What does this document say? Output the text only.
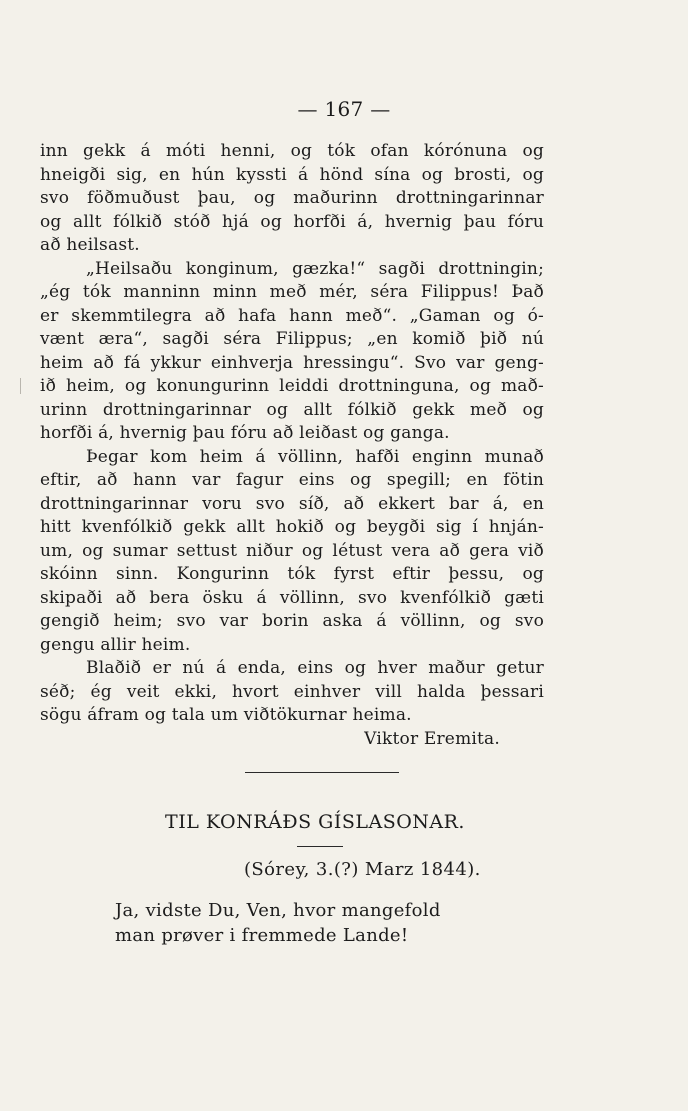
— 167 —
inn gekk á móti henni, og tók ofan kórónuna og
hneigði sig, en hún kyssti á hönd sína og brosti, og
svo föðmuðust þau, og maðurinn drottningarinnar
og allt fólkið stóð hjá og horfði á, hvernig þau fóru
að heilsast.
„Heilsaðu konginum, gæzka!“ sagði drottningin;
„ég tók manninn minn með mér, séra Filippus! Það
er skemmtilegra að hafa hann með“. „Gaman og ó-
vænt æra“, sagði séra Filippus; „en komið þið nú
heim að fá ykkur einhverja hressingu“. Svo var geng-
ið heim, og konungurinn leiddi drottninguna, og mað-
urinn drottningarinnar og allt fólkið gekk með og
horfði á, hvernig þau fóru að leiðast og ganga.
Þegar kom heim á völlinn, hafði enginn munað
eftir, að hann var fagur eins og spegill; en fötin
drottningarinnar voru svo síð, að ekkert bar á, en
hitt kvenfólkið gekk allt hokið og beygði sig í hnján-
um, og sumar settust niður og létust vera að gera við
skóinn sinn. Kongurinn tók fyrst eftir þessu, og
skipaði að bera ösku á völlinn, svo kvenfólkið gæti
gengið heim; svo var borin aska á völlinn, og svo
gengu allir heim.
Blaðið er nú á enda, eins og hver maður getur
séð; ég veit ekki, hvort einhver vill halda þessari
sögu áfram og tala um viðtökurnar heima.
Viktor Eremita.
TIL KONRÁÐS GÍSLASONAR.
(Sórey, 3.(?) Marz 1844).
Ja, vidste Du, Ven, hvor mangefold
man prøver i fremmede Lande!
